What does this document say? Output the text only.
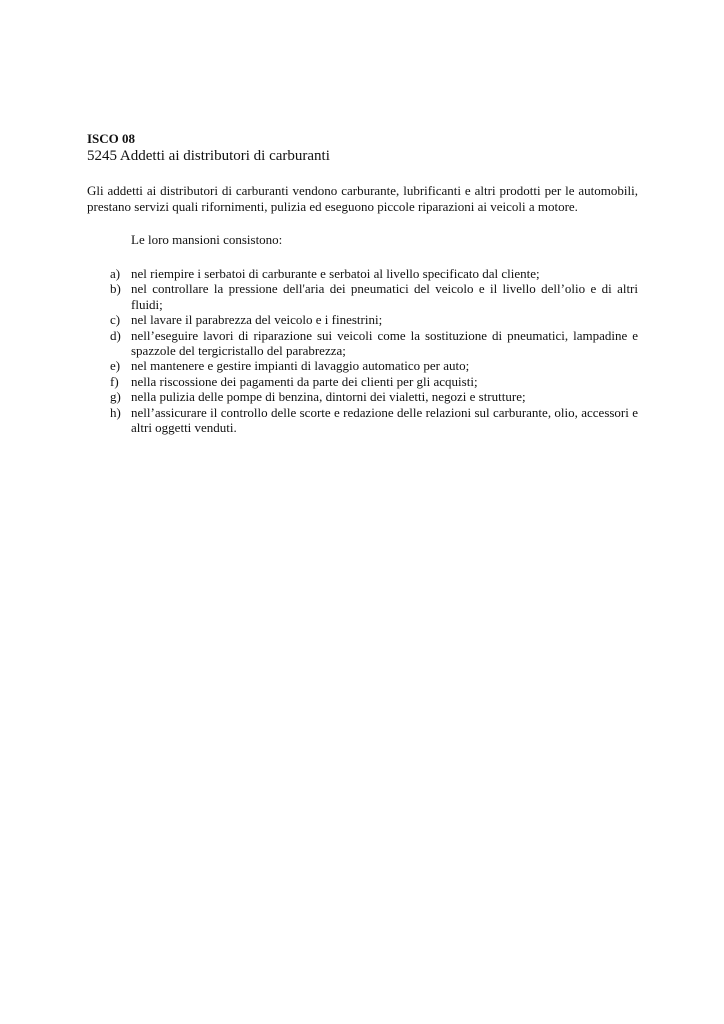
ISCO 08

5245 Addetti ai distributori di carburanti

Gli addetti ai distributori di carburanti vendono carburante, lubrificanti e altri prodotti per le automobili, prestano servizi quali rifornimenti, pulizia ed eseguono piccole riparazioni ai veicoli a motore.

Le loro mansioni consistono:

a) nel riempire i serbatoi di carburante e serbatoi al livello specificato dal cliente;
b) nel controllare la pressione dell'aria dei pneumatici del veicolo e il livello dell’olio e di altri fluidi;
c) nel lavare il parabrezza del veicolo e i finestrini;
d) nell’eseguire lavori di riparazione sui veicoli come la sostituzione di pneumatici, lampadine e spazzole del tergicristallo del parabrezza;
e) nel mantenere e gestire impianti di lavaggio automatico per auto;
f) nella riscossione dei pagamenti da parte dei clienti per gli acquisti;
g) nella pulizia delle pompe di benzina, dintorni dei vialetti, negozi e strutture;
h) nell’assicurare il controllo delle scorte e redazione delle relazioni sul carburante, olio, accessori e altri oggetti venduti.
